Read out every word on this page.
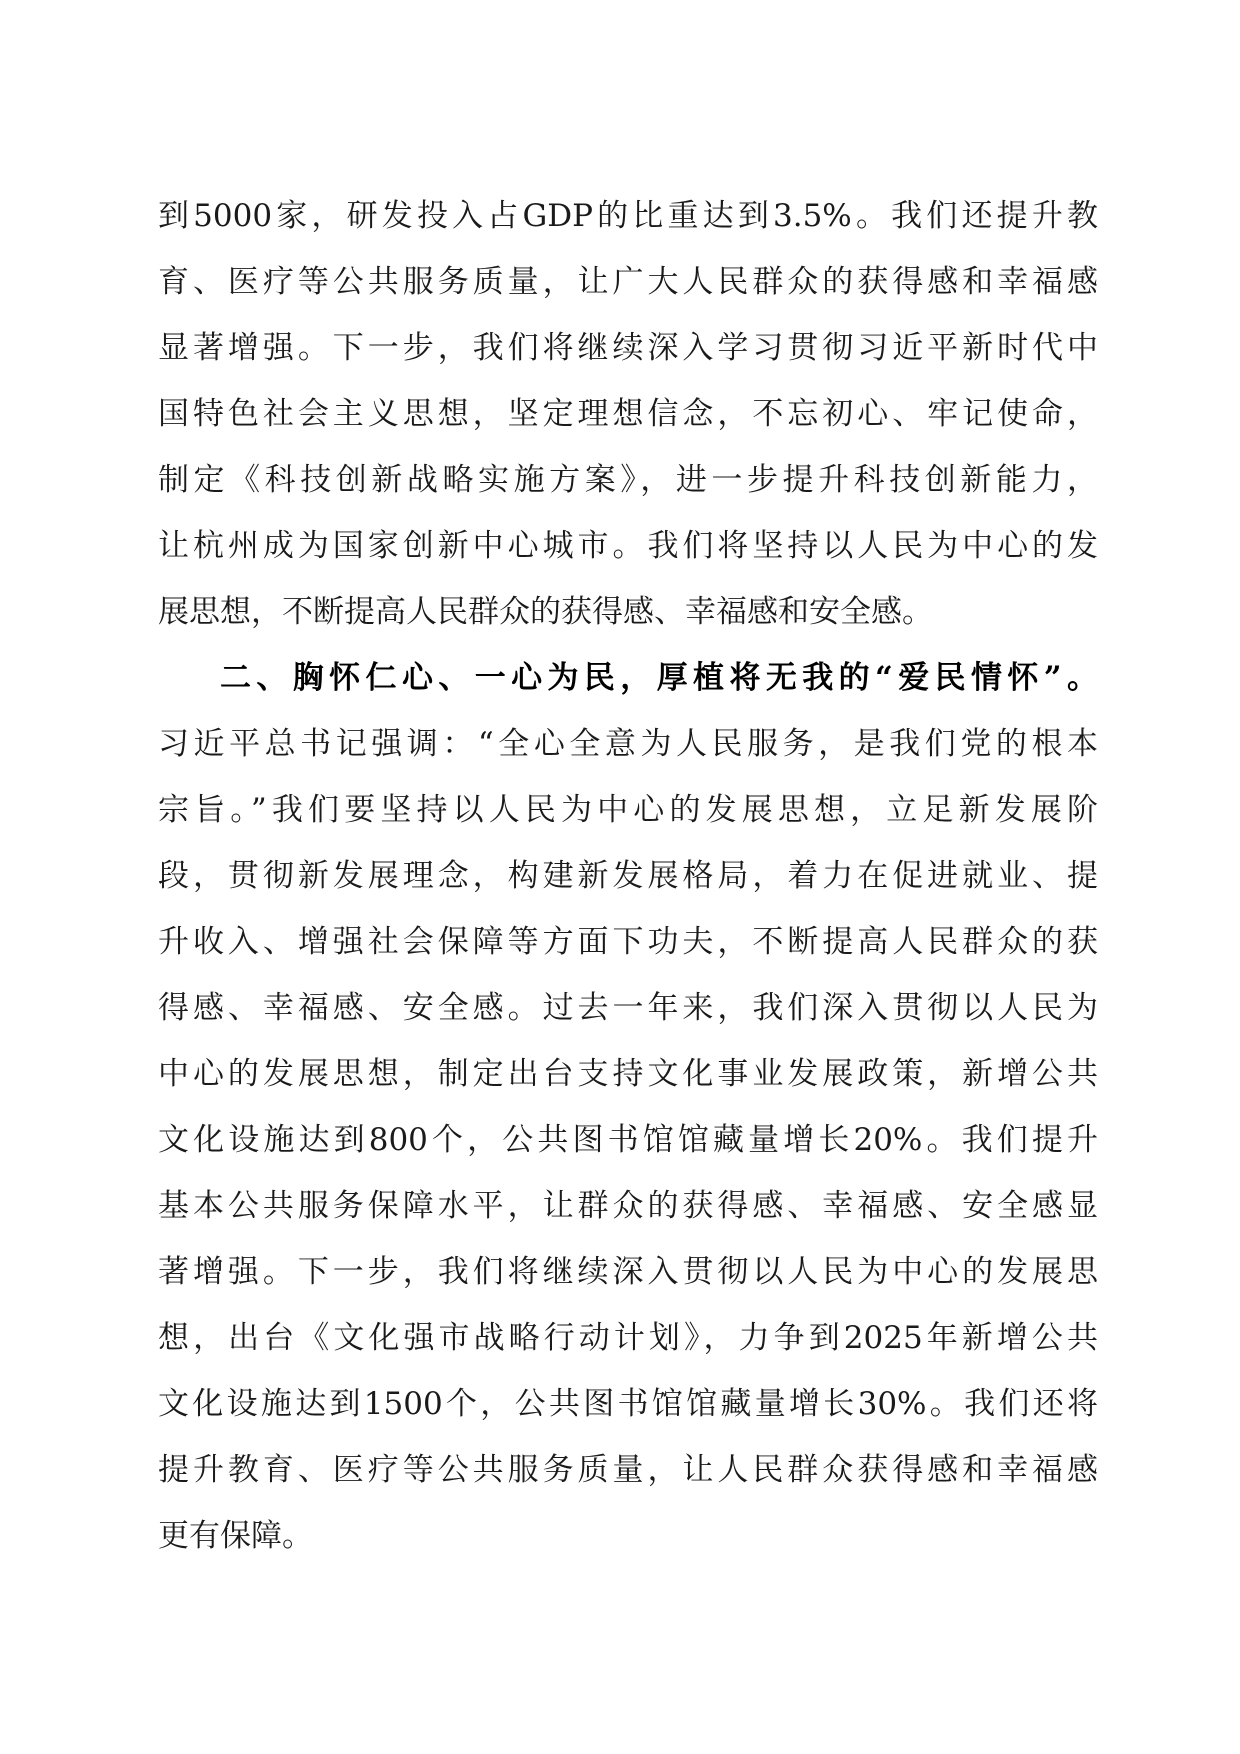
到5000家，研发投入占GDP的比重达到3.5%。我们还提升教
育、医疗等公共服务质量，让广大人民群众的获得感和幸福感
显著增强。下一步，我们将继续深入学习贯彻习近平新时代中
国特色社会主义思想，坚定理想信念，不忘初心、牢记使命，
制定《科技创新战略实施方案》，进一步提升科技创新能力，
让杭州成为国家创新中心城市。我们将坚持以人民为中心的发
展思想，不断提高人民群众的获得感、幸福感和安全感。
二、胸怀仁心、一心为民，厚植将无我的“爱民情怀”。
习近平总书记强调：“全心全意为人民服务，是我们党的根本
宗旨。”我们要坚持以人民为中心的发展思想，立足新发展阶
段，贯彻新发展理念，构建新发展格局，着力在促进就业、提
升收入、增强社会保障等方面下功夫，不断提高人民群众的获
得感、幸福感、安全感。过去一年来，我们深入贯彻以人民为
中心的发展思想，制定出台支持文化事业发展政策，新增公共
文化设施达到800个，公共图书馆馆藏量增长20%。我们提升
基本公共服务保障水平，让群众的获得感、幸福感、安全感显
著增强。下一步，我们将继续深入贯彻以人民为中心的发展思
想，出台《文化强市战略行动计划》，力争到2025年新增公共
文化设施达到1500个，公共图书馆馆藏量增长30%。我们还将
提升教育、医疗等公共服务质量，让人民群众获得感和幸福感
更有保障。
